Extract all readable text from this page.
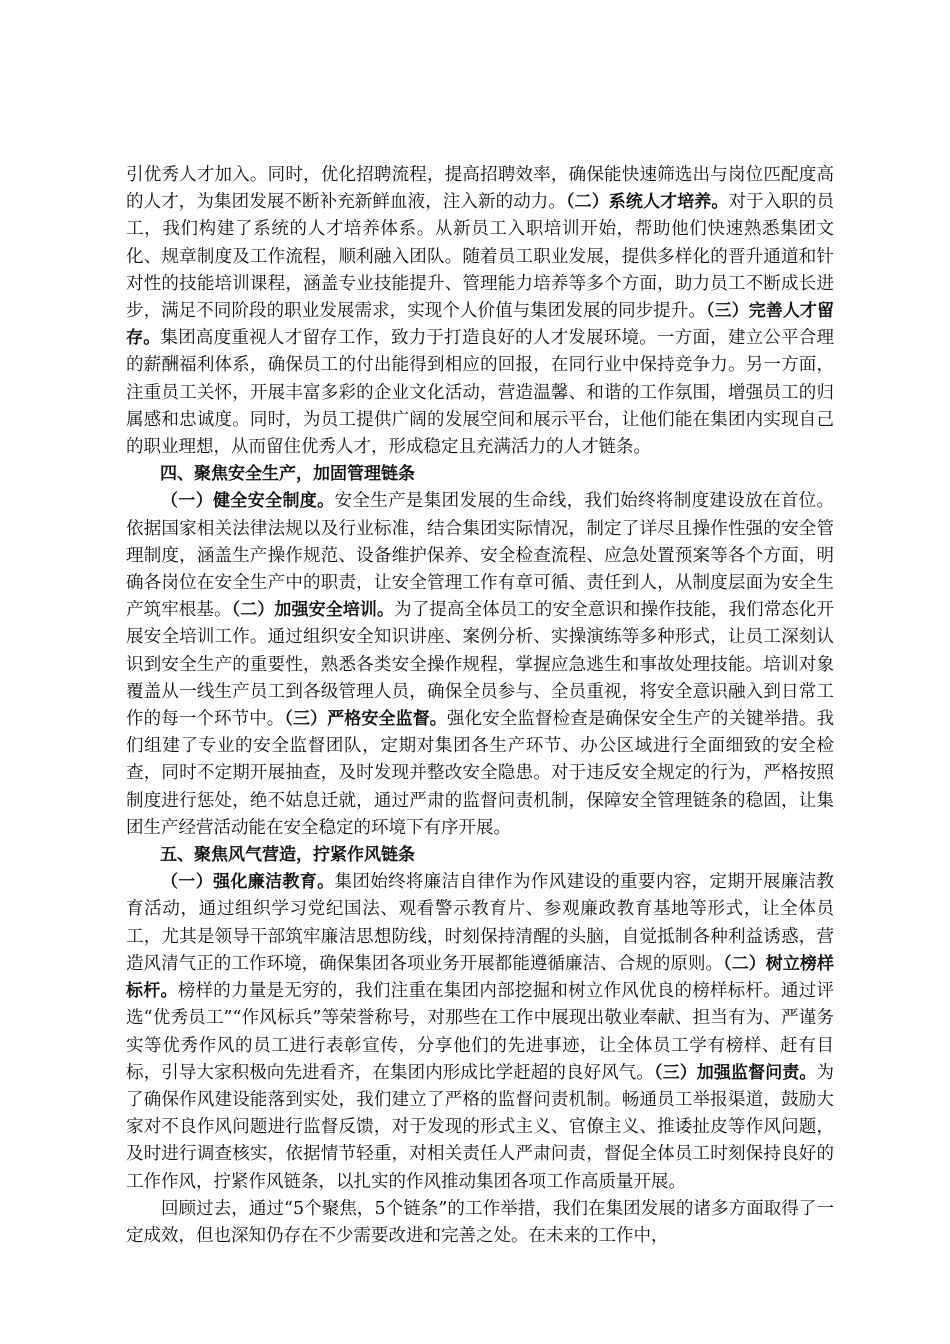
引优秀人才加入。同时，优化招聘流程，提高招聘效率，确保能快速筛选出与岗位匹配度高的人才，为集团发展不断补充新鲜血液，注入新的动力。（二）系统人才培养。对于入职的员工，我们构建了系统的人才培养体系。从新员工入职培训开始，帮助他们快速熟悉集团文化、规章制度及工作流程，顺利融入团队。随着员工职业发展，提供多样化的晋升通道和针对性的技能培训课程，涵盖专业技能提升、管理能力培养等多个方面，助力员工不断成长进步，满足不同阶段的职业发展需求，实现个人价值与集团发展的同步提升。（三）完善人才留存。集团高度重视人才留存工作，致力于打造良好的人才发展环境。一方面，建立公平合理的薪酬福利体系，确保员工的付出能得到相应的回报，在同行业中保持竞争力。另一方面，注重员工关怀，开展丰富多彩的企业文化活动，营造温馨、和谐的工作氛围，增强员工的归属感和忠诚度。同时，为员工提供广阔的发展空间和展示平台，让他们能在集团内实现自己的职业理想，从而留住优秀人才，形成稳定且充满活力的人才链条。

四、聚焦安全生产，加固管理链条

（一）健全安全制度。安全生产是集团发展的生命线，我们始终将制度建设放在首位。依据国家相关法律法规以及行业标准，结合集团实际情况，制定了详尽且操作性强的安全管理制度，涵盖生产操作规范、设备维护保养、安全检查流程、应急处置预案等各个方面，明确各岗位在安全生产中的职责，让安全管理工作有章可循、责任到人，从制度层面为安全生产筑牢根基。（二）加强安全培训。为了提高全体员工的安全意识和操作技能，我们常态化开展安全培训工作。通过组织安全知识讲座、案例分析、实操演练等多种形式，让员工深刻认识到安全生产的重要性，熟悉各类安全操作规程，掌握应急逃生和事故处理技能。培训对象覆盖从一线生产员工到各级管理人员，确保全员参与、全员重视，将安全意识融入到日常工作的每一个环节中。（三）严格安全监督。强化安全监督检查是确保安全生产的关键举措。我们组建了专业的安全监督团队，定期对集团各生产环节、办公区域进行全面细致的安全检查，同时不定期开展抽查，及时发现并整改安全隐患。对于违反安全规定的行为，严格按照制度进行惩处，绝不姑息迁就，通过严肃的监督问责机制，保障安全管理链条的稳固，让集团生产经营活动能在安全稳定的环境下有序开展。

五、聚焦风气营造，拧紧作风链条

（一）强化廉洁教育。集团始终将廉洁自律作为作风建设的重要内容，定期开展廉洁教育活动，通过组织学习党纪国法、观看警示教育片、参观廉政教育基地等形式，让全体员工，尤其是领导干部筑牢廉洁思想防线，时刻保持清醒的头脑，自觉抵制各种利益诱惑，营造风清气正的工作环境，确保集团各项业务开展都能遵循廉洁、合规的原则。（二）树立榜样标杆。榜样的力量是无穷的，我们注重在集团内部挖掘和树立作风优良的榜样标杆。通过评选“优秀员工”“作风标兵”等荣誉称号，对那些在工作中展现出敬业奉献、担当有为、严谨务实等优秀作风的员工进行表彰宣传，分享他们的先进事迹，让全体员工学有榜样、赶有目标，引导大家积极向先进看齐，在集团内形成比学赶超的良好风气。（三）加强监督问责。为了确保作风建设能落到实处，我们建立了严格的监督问责机制。畅通员工举报渠道，鼓励大家对不良作风问题进行监督反馈，对于发现的形式主义、官僚主义、推诿扯皮等作风问题，及时进行调查核实，依据情节轻重，对相关责任人严肃问责，督促全体员工时刻保持良好的工作作风，拧紧作风链条，以扎实的作风推动集团各项工作高质量开展。

回顾过去，通过“5个聚焦，5个链条”的工作举措，我们在集团发展的诸多方面取得了一定成效，但也深知仍存在不少需要改进和完善之处。在未来的工作中，
